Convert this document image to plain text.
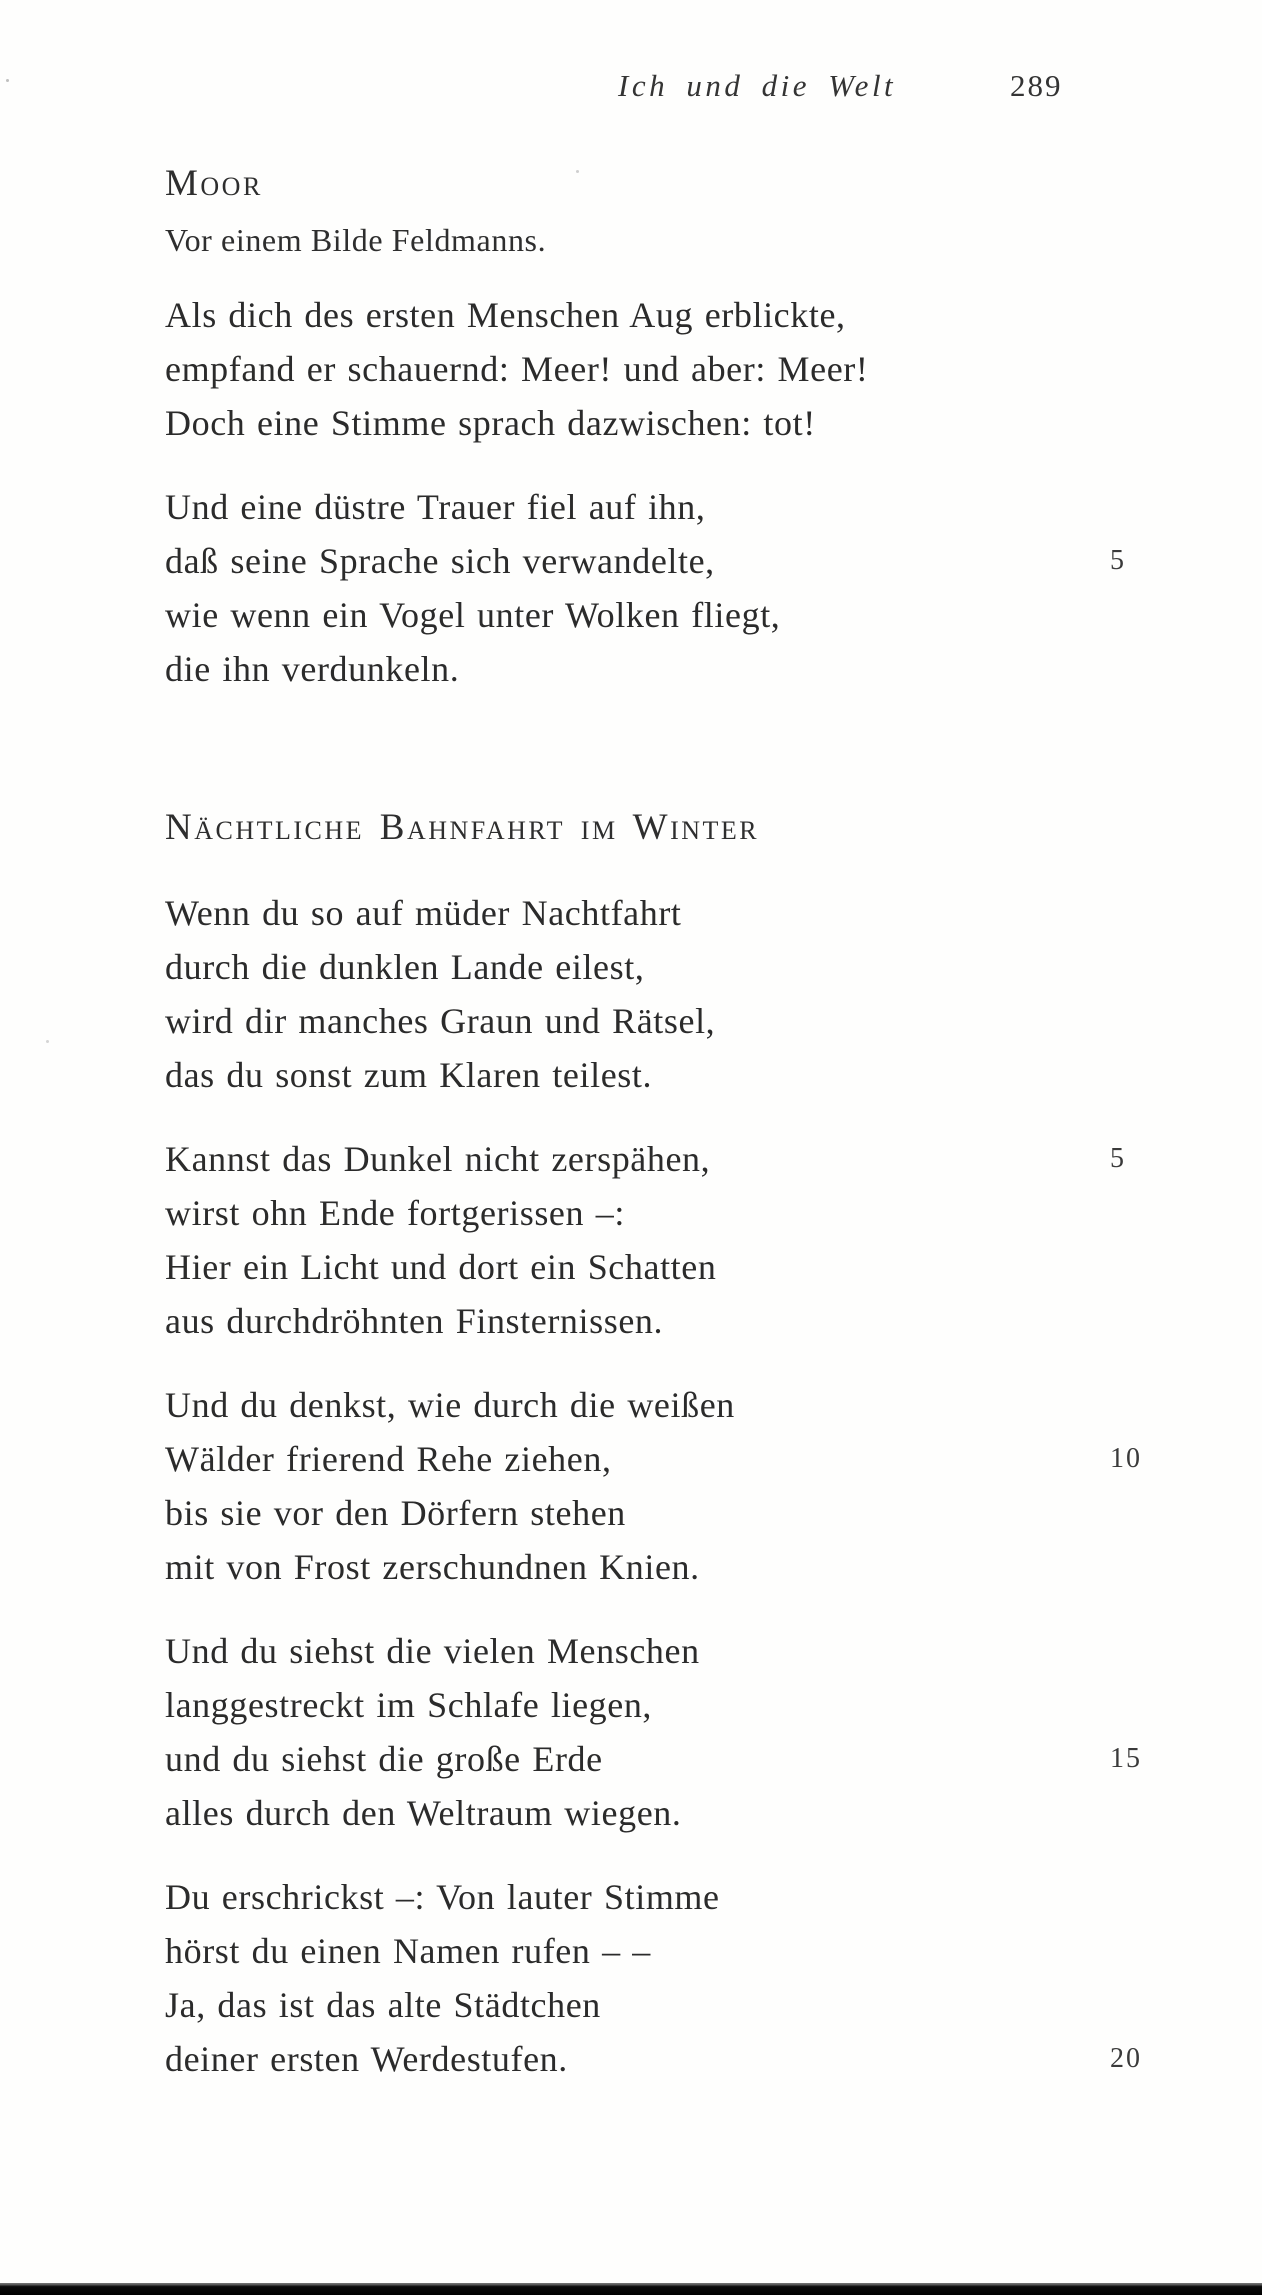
Ich und die Welt	289
Moor

Vor einem Bilde Feldmanns.

Als dich des ersten Menschen Aug erblickte,
empfand er schauernd: Meer! und aber: Meer!
Doch eine Stimme sprach dazwischen: tot!
Und eine düstre Trauer fiel auf ihn,
daß seine Sprache sich verwandelte,	5
wie wenn ein Vogel unter Wolken fliegt,
die ihn verdunkeln.
Nächtliche Bahnfahrt im Winter
Wenn du so auf müder Nachtfahrt
durch die dunklen Lande eilest,
wird dir manches Graun und Rätsel,
das du sonst zum Klaren teilest.
Kannst das Dunkel nicht zerspähen,	5
wirst ohn Ende fortgerissen –:
Hier ein Licht und dort ein Schatten
aus durchdröhnten Finsternissen.
Und du denkst, wie durch die weißen
Wälder frierend Rehe ziehen,	10
bis sie vor den Dörfern stehen
mit von Frost zerschundnen Knien.
Und du siehst die vielen Menschen
langgestreckt im Schlafe liegen,
und du siehst die große Erde	15
alles durch den Weltraum wiegen.
Du erschrickst –: Von lauter Stimme
hörst du einen Namen rufen – –
Ja, das ist das alte Städtchen
deiner ersten Werdestufen.	20
